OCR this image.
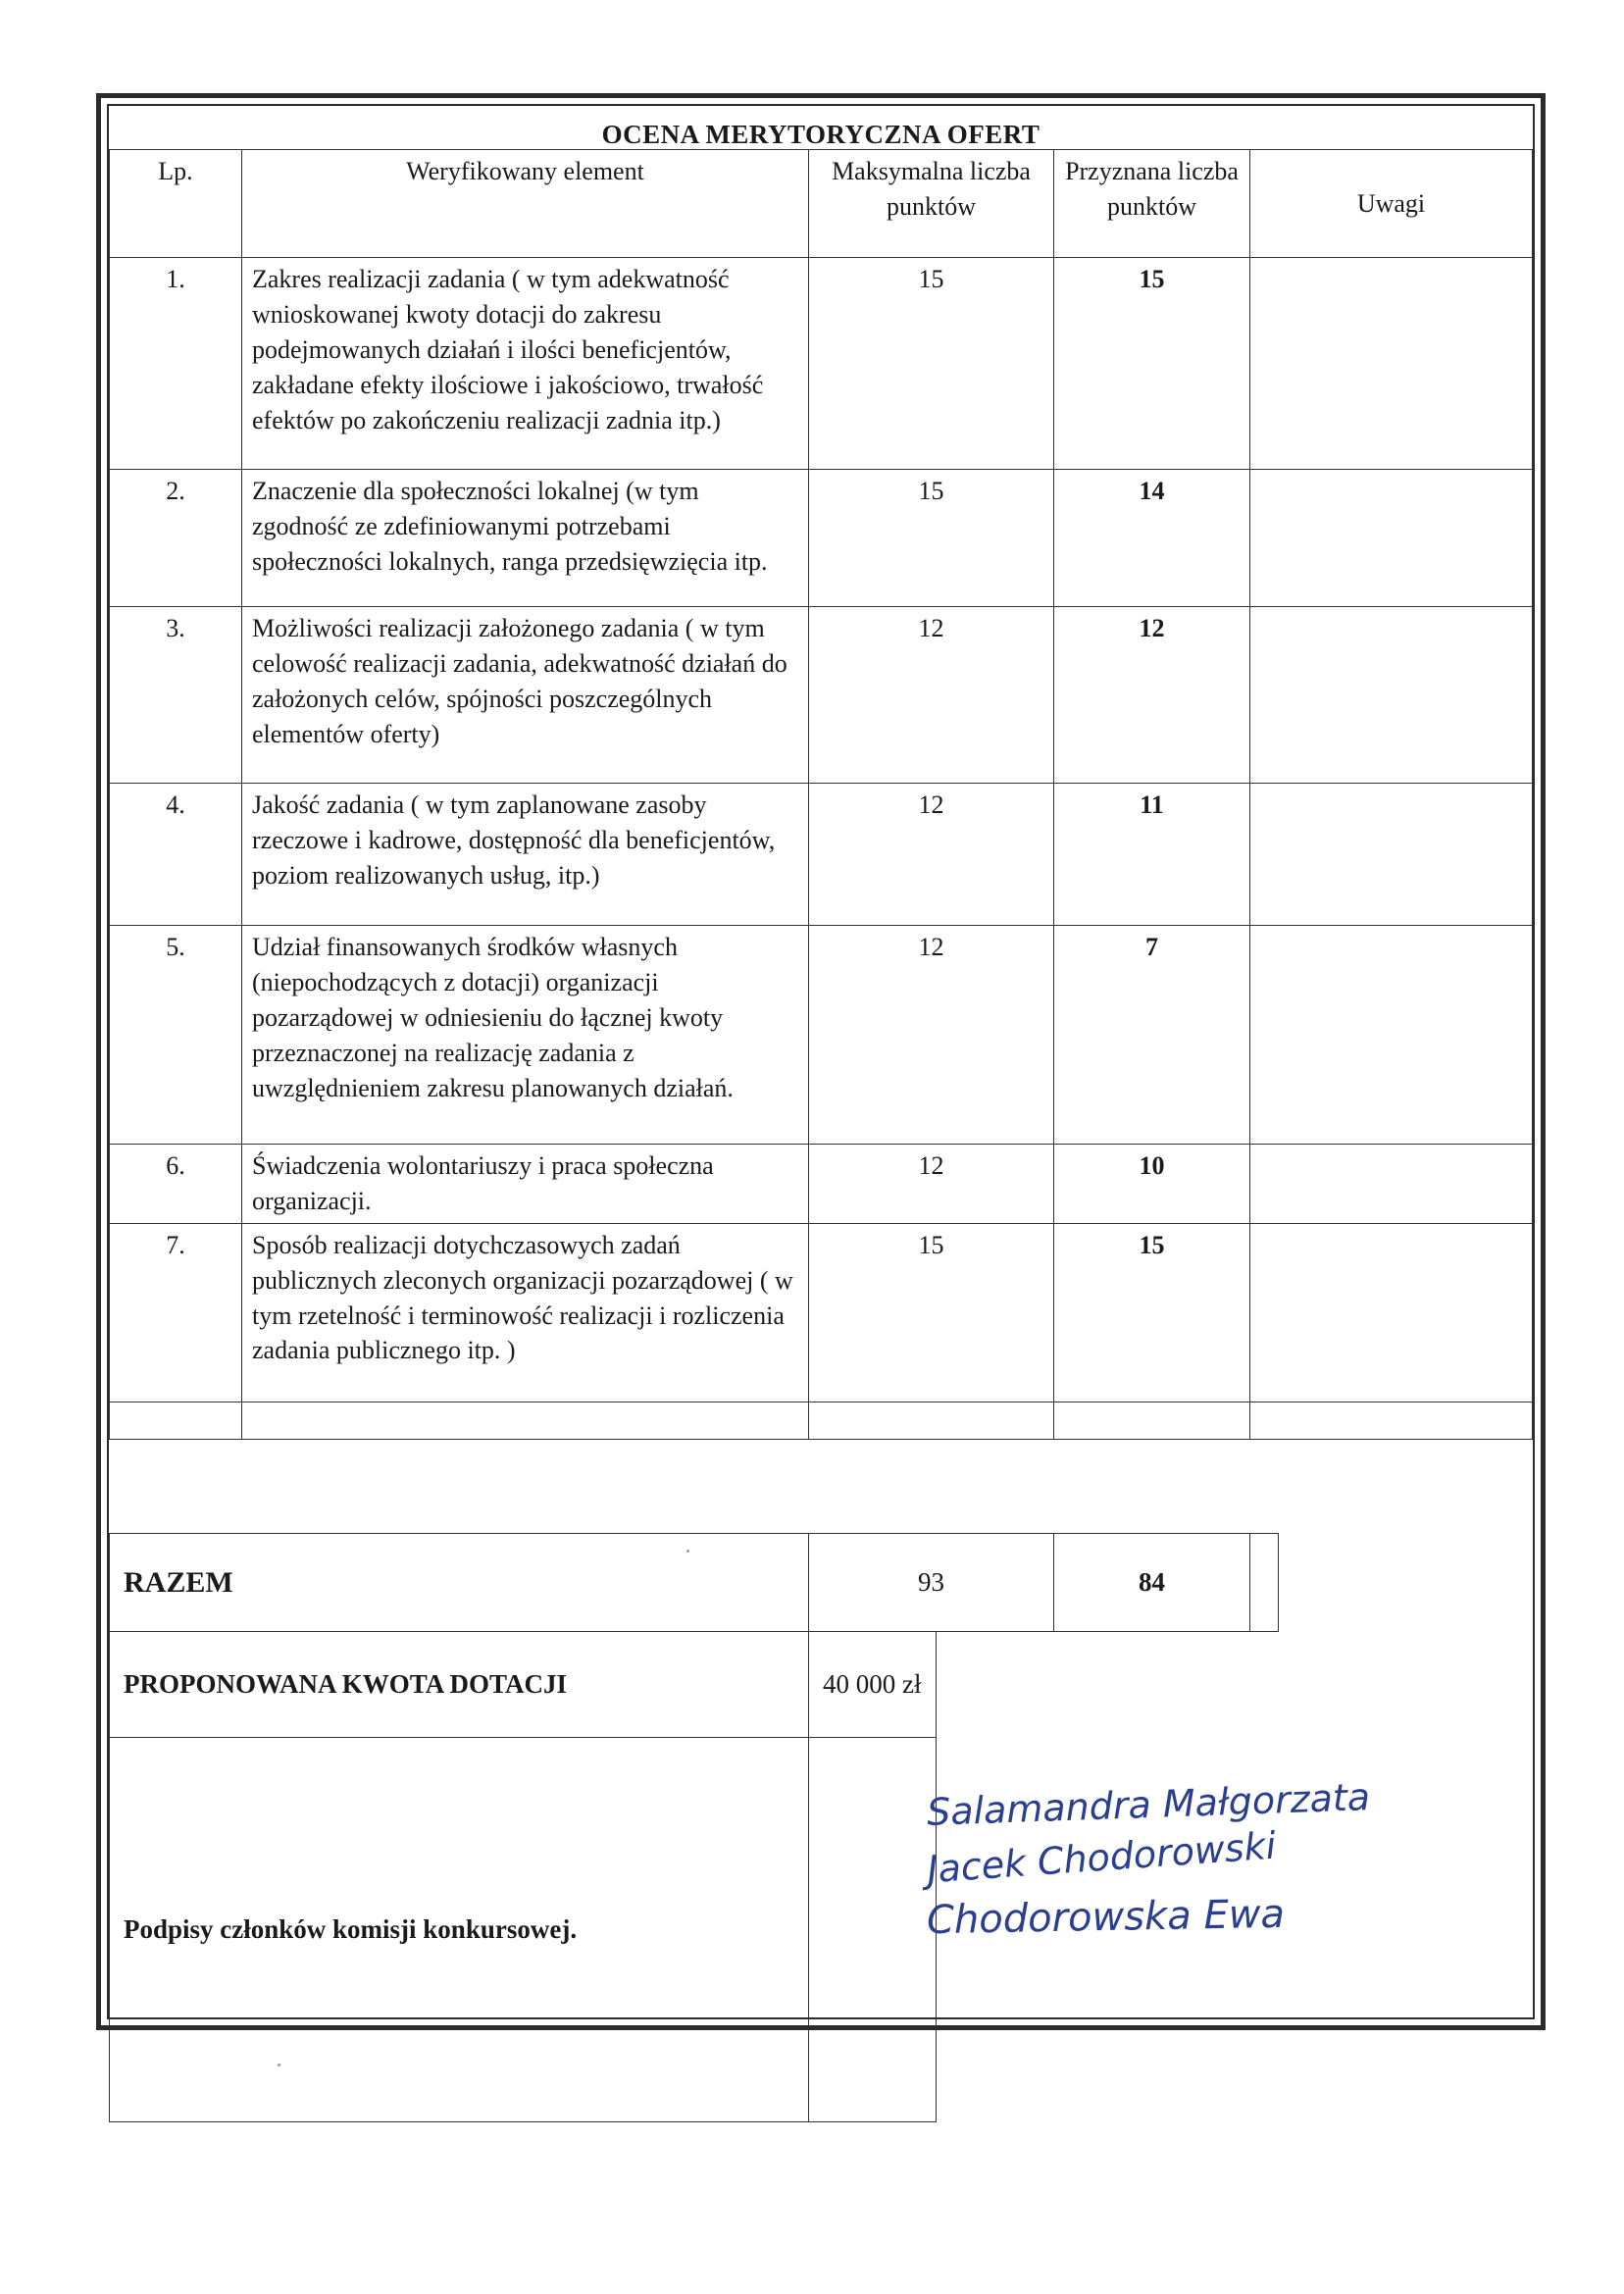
OCENA MERYTORYCZNA OFERT
Lp.	Weryfikowany element	Maksymalna liczba punktów	Przyznana liczba punktów	Uwagi
1.	Zakres realizacji zadania ( w tym adekwatność wnioskowanej kwoty dotacji do zakresu podejmowanych działań i ilości beneficjentów, zakładane efekty ilościowe i jakościowo, trwałość efektów po zakończeniu realizacji zadnia itp.)	15	15	
2.	Znaczenie dla społeczności lokalnej (w tym zgodność ze zdefiniowanymi potrzebami społeczności lokalnych, ranga przedsięwzięcia itp.	15	14	
3.	Możliwości realizacji założonego zadania ( w tym celowość realizacji zadania, adekwatność działań do założonych celów, spójności poszczególnych elementów oferty)	12	12	
4.	Jakość zadania ( w tym zaplanowane zasoby rzeczowe i kadrowe, dostępność dla beneficjentów, poziom realizowanych usług, itp.)	12	11	
5.	Udział finansowanych środków własnych (niepochodzących z dotacji) organizacji pozarządowej w odniesieniu do łącznej kwoty przeznaczonej na realizację zadania z uwzględnieniem zakresu planowanych działań.	12	7	
6.	Świadczenia wolontariuszy i praca społeczna organizacji.	12	10	
7.	Sposób realizacji dotychczasowych zadań publicznych zleconych organizacji pozarządowej ( w tym rzetelność i terminowość realizacji i rozliczenia zadania publicznego itp. )	15	15	

RAZEM	93	84	
PROPONOWANA KWOTA DOTACJI	40 000 zł
Podpisy członków komisji konkursowej.	Salamandra Małgorzata
Jacek Chodorowski
Chodorowska Ewa
